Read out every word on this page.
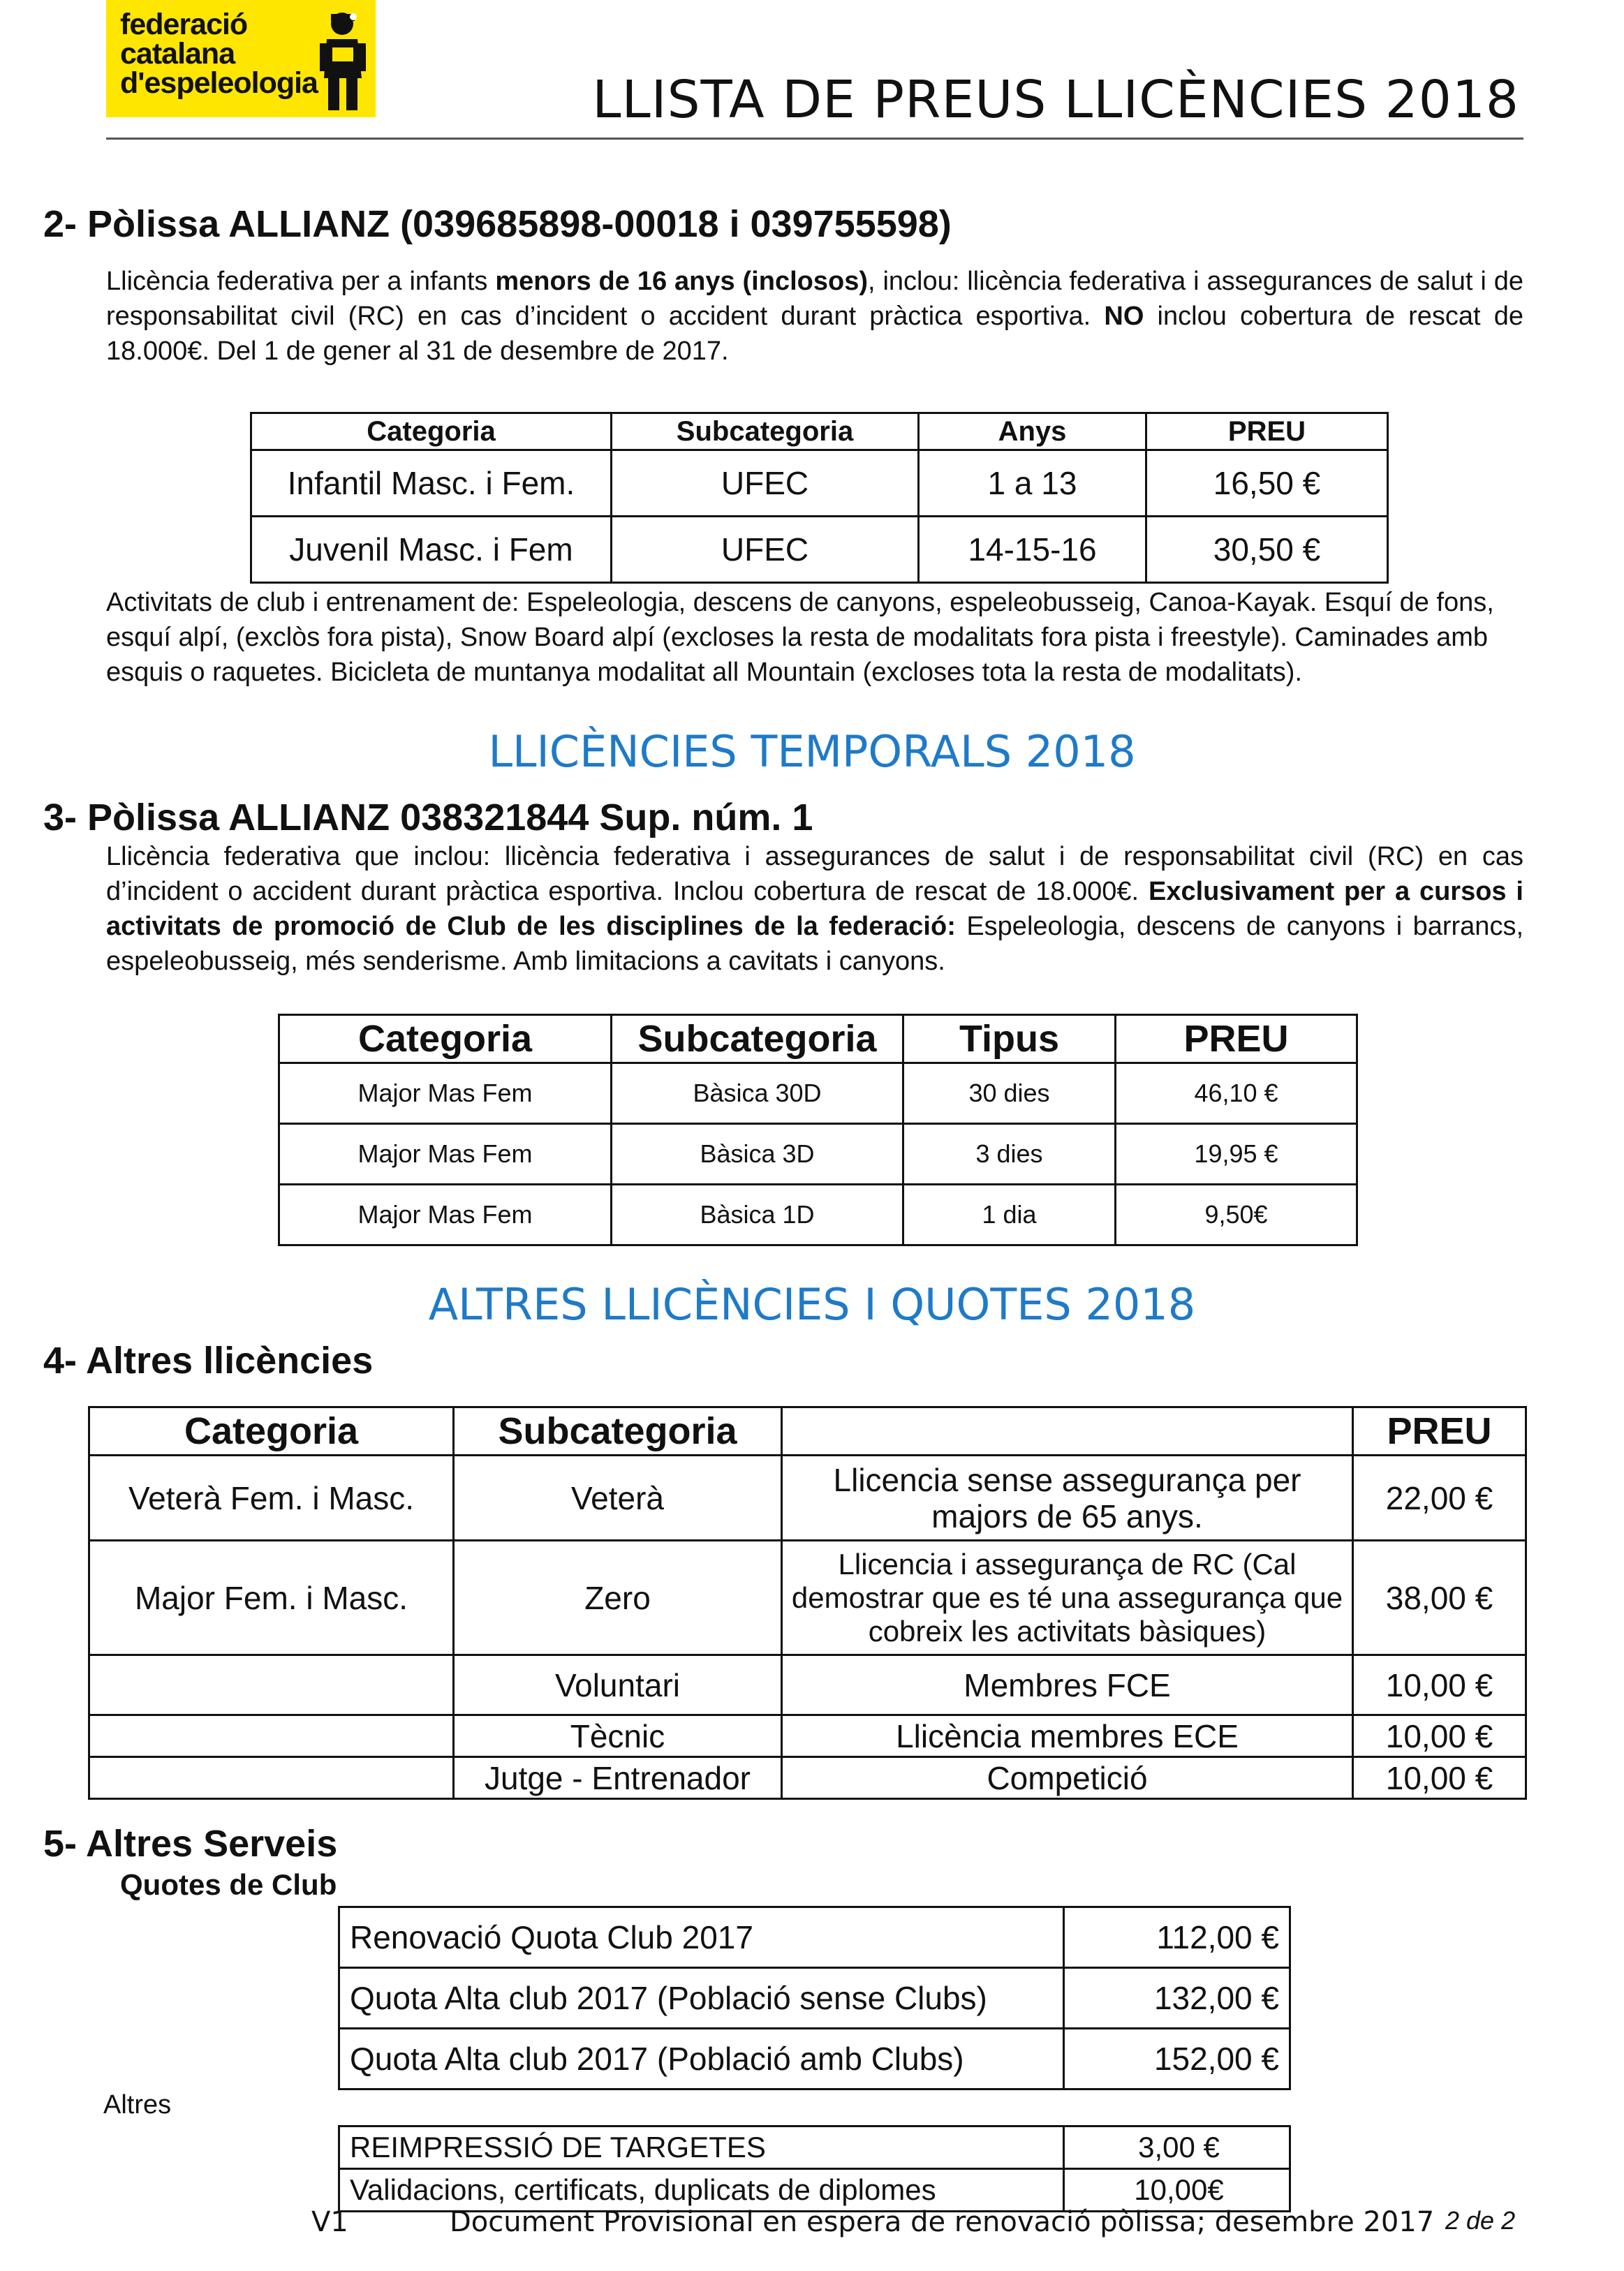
federació
catalana
d'espeleologia	LLISTA DE PREUS LLICÈNCIES 2018
2- Pòlissa ALLIANZ (039685898-00018 i 039755598)

Llicència federativa per a infants menors de 16 anys (inclosos), inclou: llicència federativa i assegurances de salut i de responsabilitat civil (RC) en cas d’incident o accident durant pràctica esportiva. NO inclou cobertura de rescat de 18.000€. Del 1 de gener al 31 de desembre de 2017.

Categoria	Subcategoria	Anys	PREU
Infantil Masc. i Fem.	UFEC	1 a 13	16,50 €
Juvenil Masc. i Fem	UFEC	14-15-16	30,50 €

Activitats de club i entrenament de: Espeleologia, descens de canyons, espeleobusseig, Canoa-Kayak. Esquí de fons, esquí alpí, (exclòs fora pista), Snow Board alpí (excloses la resta de modalitats fora pista i freestyle). Caminades amb esquis o raquetes. Bicicleta de muntanya modalitat all Mountain (excloses tota la resta de modalitats).

LLICÈNCIES TEMPORALS 2018
3- Pòlissa ALLIANZ 038321844 Sup. núm. 1

Llicència federativa que inclou: llicència federativa i assegurances de salut i de responsabilitat civil (RC) en cas d’incident o accident durant pràctica esportiva. Inclou cobertura de rescat de 18.000€. Exclusivament per a cursos i activitats de promoció de Club de les disciplines de la federació: Espeleologia, descens de canyons i barrancs, espeleobusseig, més senderisme. Amb limitacions a cavitats i canyons.

Categoria	Subcategoria	Tipus	PREU
Major Mas Fem	Bàsica 30D	30 dies	46,10 €
Major Mas Fem	Bàsica 3D	3 dies	19,95 €
Major Mas Fem	Bàsica 1D	1 dia	9,50€
ALTRES LLICÈNCIES I QUOTES 2018
4- Altres llicències
Categoria	Subcategoria		PREU
Veterà Fem. i Masc.	Veterà	Llicencia sense assegurança per majors de 65 anys.	22,00 €
Major Fem. i Masc.	Zero	Llicencia i assegurança de RC (Cal demostrar que es té una assegurança que cobreix les activitats bàsiques)	38,00 €
	Voluntari	Membres FCE	10,00 €
	Tècnic	Llicència membres ECE	10,00 €
	Jutge - Entrenador	Competició	10,00 €
5- Altres Serveis
Quotes de Club
Renovació Quota Club 2017	112,00 €
Quota Alta club 2017 (Població sense Clubs)	132,00 €
Quota Alta club 2017 (Població amb Clubs)	152,00 €
Altres
REIMPRESSIÓ DE TARGETES	3,00 €
Validacions, certificats, duplicats de diplomes	10,00€
V1	Document Provisional en espera de renovació pòlissa; desembre 2017 2 de 2
